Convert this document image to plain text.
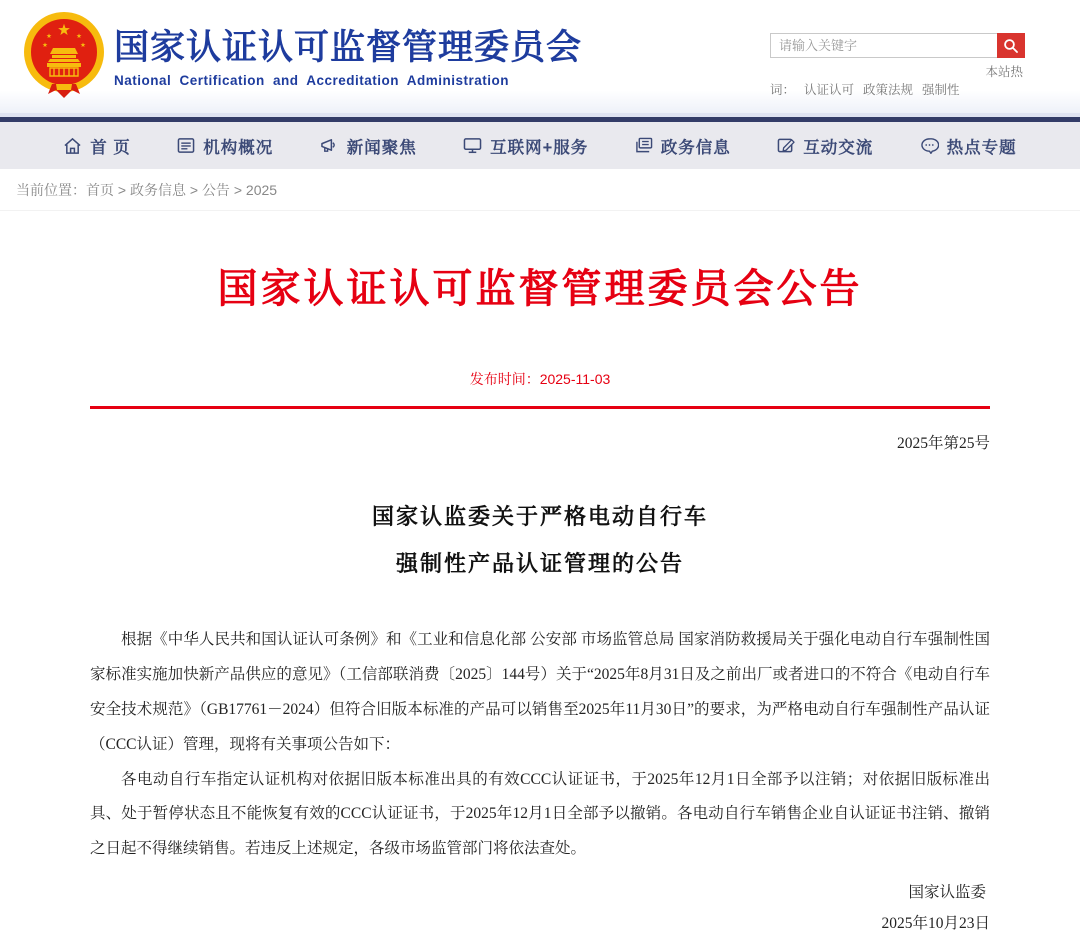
国家认证认可监督管理委员会
National Certification and Accreditation Administration
请输入关键字
本站热
词： 认证认可 政策法规 强制性
首 页	机构概况	新闻聚焦	互联网+服务	政务信息	互动交流	热点专题
当前位置： 首页 > 政务信息 > 公告 > 2025
国家认证认可监督管理委员会公告
发布时间：2025-11-03
2025年第25号
国家认监委关于严格电动自行车
强制性产品认证管理的公告

根据《中华人民共和国认证认可条例》和《工业和信息化部 公安部 市场监管总局 国家消防救援局关于强化电动自行车强制性国家标准实施加快新产品供应的意见》（工信部联消费〔2025〕144号）关于“2025年8月31日及之前出厂或者进口的不符合《电动自行车安全技术规范》（GB17761－2024）但符合旧版本标准的产品可以销售至2025年11月30日”的要求，为严格电动自行车强制性产品认证（CCC认证）管理，现将有关事项公告如下：

各电动自行车指定认证机构对依据旧版本标准出具的有效CCC认证证书，于2025年12月1日全部予以注销；对依据旧版标准出具、处于暂停状态且不能恢复有效的CCC认证证书，于2025年12月1日全部予以撤销。各电动自行车销售企业自认证证书注销、撤销之日起不得继续销售。若违反上述规定，各级市场监管部门将依法查处。

国家认监委
2025年10月23日
